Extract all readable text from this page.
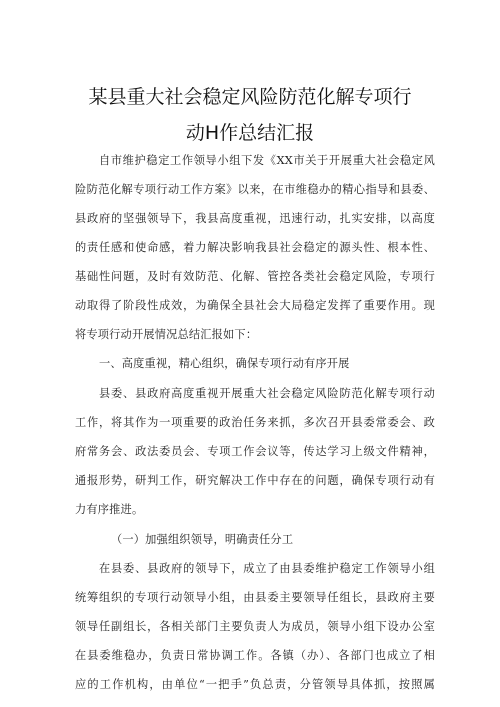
某县重大社会稳定风险防范化解专项行
动H作总结汇报
自市维护稳定工作领导小组下发《XX市关于开展重大社会稳定风
险防范化解专项行动工作方案》以来，在市维稳办的精心指导和县委、
县政府的坚强领导下，我县高度重视，迅速行动，扎实安排，以高度
的责任感和使命感，着力解决影响我县社会稳定的源头性、根本性、
基础性问题，及时有效防范、化解、管控各类社会稳定风险，专项行
动取得了阶段性成效，为确保全县社会大局稳定发挥了重要作用。现
将专项行动开展情况总结汇报如下：
一、高度重视，精心组织，确保专项行动有序开展
县委、县政府高度重视开展重大社会稳定风险防范化解专项行动
工作，将其作为一项重要的政治任务来抓，多次召开县委常委会、政
府常务会、政法委员会、专项工作会议等，传达学习上级文件精神，
通报形势，研判工作，研究解决工作中存在的问题，确保专项行动有
力有序推进。
（一）加强组织领导，明确责任分工
在县委、县政府的领导下，成立了由县委维护稳定工作领导小组
统筹组织的专项行动领导小组，由县委主要领导任组长，县政府主要
领导任副组长，各相关部门主要负责人为成员，领导小组下设办公室
在县委维稳办，负责日常协调工作。各镇（办）、各部门也成立了相
应的工作机构，由单位“一把手”负总责，分管领导具体抓，按照属
